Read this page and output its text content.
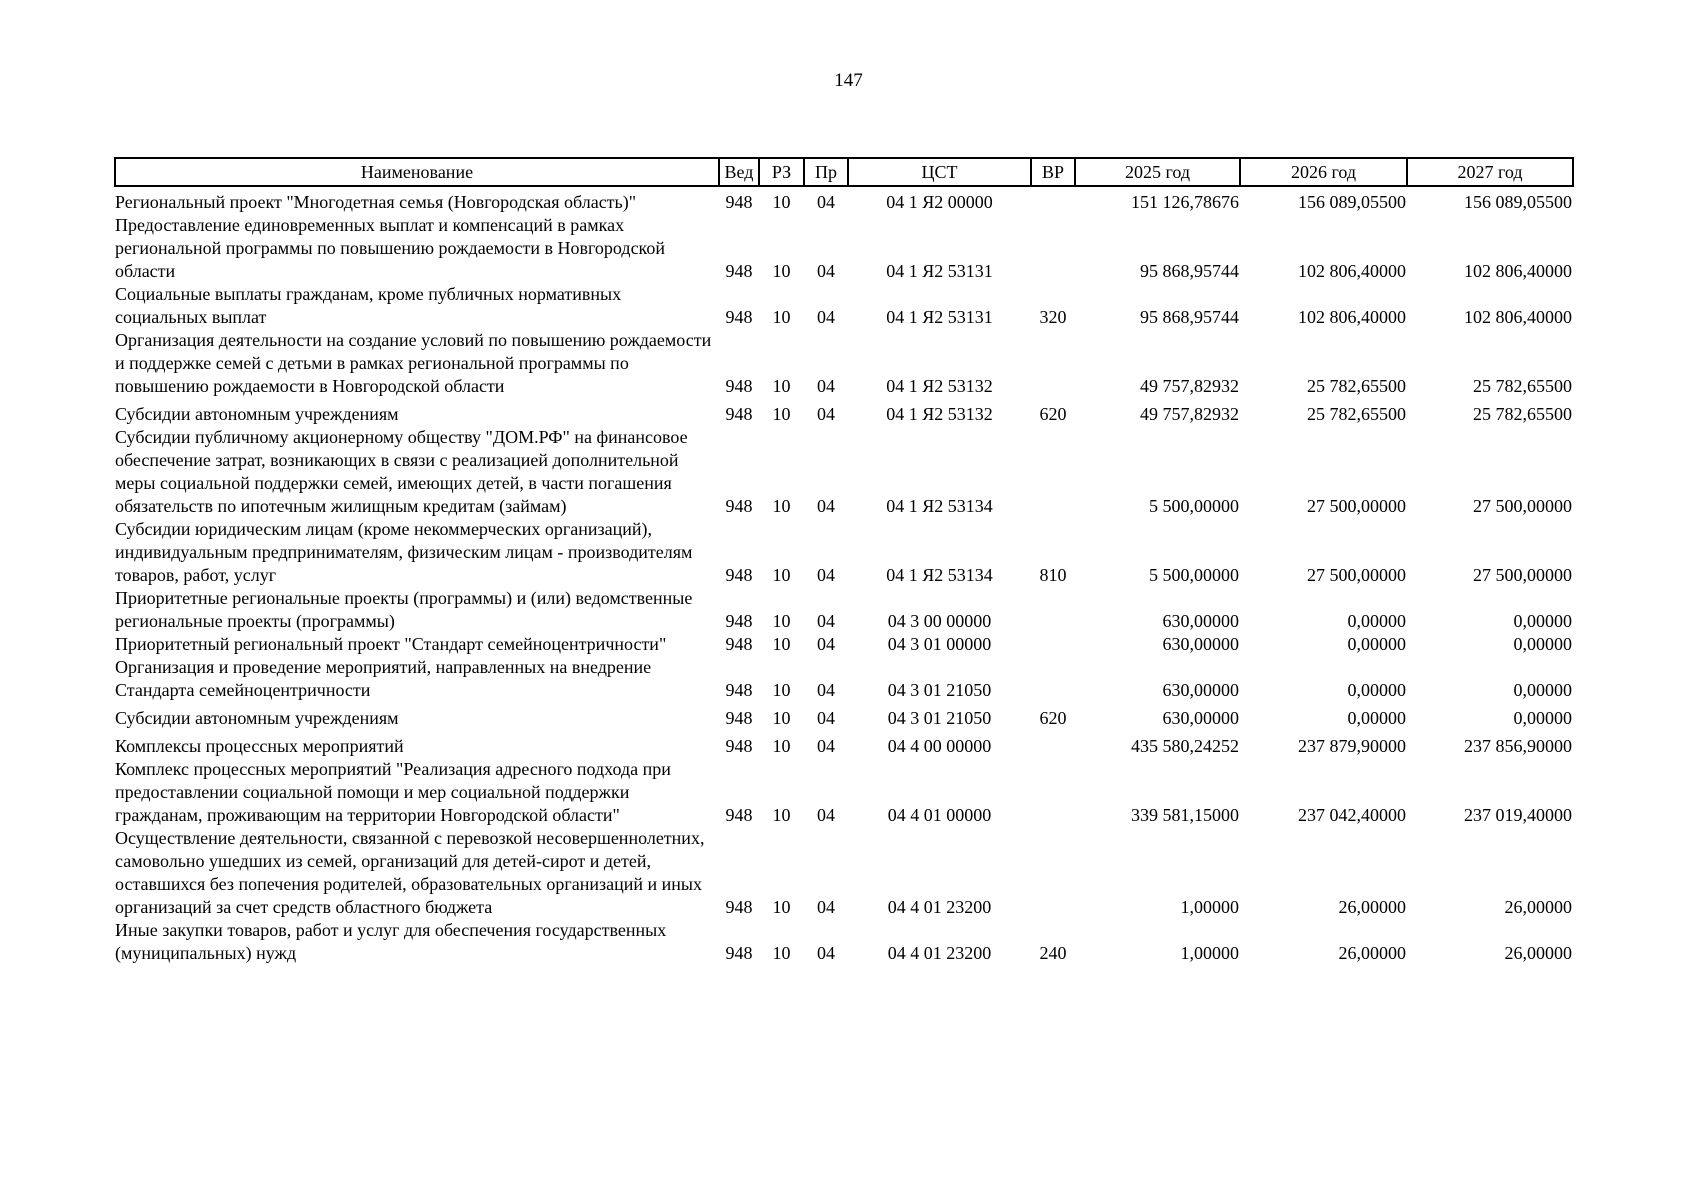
147
Наименование	Вед	РЗ	Пр	ЦСТ	ВР	2025 год	2026 год	2027 год
Региональный проект "Многодетная семья (Новгородская область)"	948	10	04	04 1 Я2 00000		151 126,78676	156 089,05500	156 089,05500
Предоставление единовременных выплат и компенсаций в рамках региональной программы по повышению рождаемости в Новгородской области	948	10	04	04 1 Я2 53131		95 868,95744	102 806,40000	102 806,40000
Социальные выплаты гражданам, кроме публичных нормативных социальных выплат	948	10	04	04 1 Я2 53131	320	95 868,95744	102 806,40000	102 806,40000
Организация деятельности на создание условий по повышению рождаемости и поддержке семей с детьми в рамках региональной программы по повышению рождаемости в Новгородской области	948	10	04	04 1 Я2 53132		49 757,82932	25 782,65500	25 782,65500
Субсидии автономным учреждениям	948	10	04	04 1 Я2 53132	620	49 757,82932	25 782,65500	25 782,65500
Субсидии публичному акционерному обществу "ДОМ.РФ" на финансовое обеспечение затрат, возникающих в связи с реализацией дополнительной меры социальной поддержки семей, имеющих детей, в части погашения обязательств по ипотечным жилищным кредитам (займам)	948	10	04	04 1 Я2 53134		5 500,00000	27 500,00000	27 500,00000
Субсидии юридическим лицам (кроме некоммерческих организаций), индивидуальным предпринимателям, физическим лицам - производителям товаров, работ, услуг	948	10	04	04 1 Я2 53134	810	5 500,00000	27 500,00000	27 500,00000
Приоритетные региональные проекты (программы) и (или) ведомственные региональные проекты (программы)	948	10	04	04 3 00 00000		630,00000	0,00000	0,00000
Приоритетный региональный проект "Стандарт семейноцентричности"	948	10	04	04 3 01 00000		630,00000	0,00000	0,00000
Организация и проведение мероприятий, направленных на внедрение Стандарта семейноцентричности	948	10	04	04 3 01 21050		630,00000	0,00000	0,00000
Субсидии автономным учреждениям	948	10	04	04 3 01 21050	620	630,00000	0,00000	0,00000
Комплексы процессных мероприятий	948	10	04	04 4 00 00000		435 580,24252	237 879,90000	237 856,90000
Комплекс процессных мероприятий "Реализация адресного подхода при предоставлении социальной помощи и мер социальной поддержки гражданам, проживающим на территории Новгородской области"	948	10	04	04 4 01 00000		339 581,15000	237 042,40000	237 019,40000
Осуществление деятельности, связанной с перевозкой несовершеннолетних, самовольно ушедших из семей, организаций для детей-сирот и детей, оставшихся без попечения родителей, образовательных организаций и иных организаций за счет средств областного бюджета	948	10	04	04 4 01 23200		1,00000	26,00000	26,00000
Иные закупки товаров, работ и услуг для обеспечения государственных (муниципальных) нужд	948	10	04	04 4 01 23200	240	1,00000	26,00000	26,00000
